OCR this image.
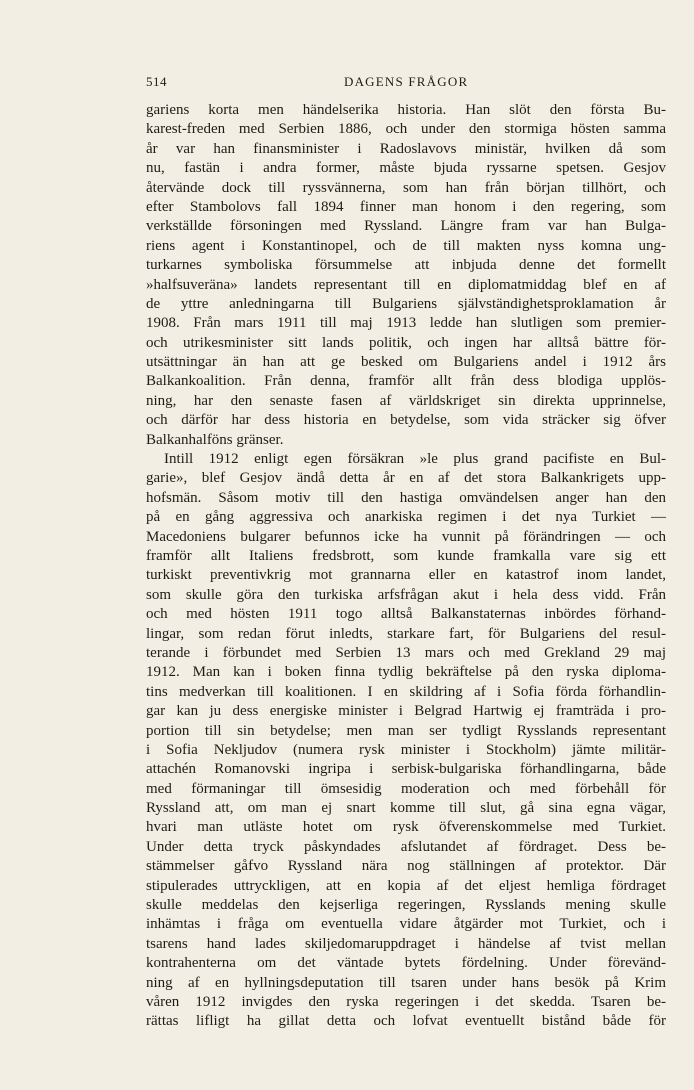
514	DAGENS FRÅGOR
gariens korta men händelserika historia. Han slöt den första Bu-
karest-freden med Serbien 1886, och under den stormiga hösten samma
år var han finansminister i Radoslavovs ministär, hvilken då som
nu, fastän i andra former, måste bjuda ryssarne spetsen. Gesjov
återvände dock till ryssvännerna, som han från början tillhört, och
efter Stambolovs fall 1894 finner man honom i den regering, som
verkställde försoningen med Ryssland. Längre fram var han Bulga-
riens agent i Konstantinopel, och de till makten nyss komna ung-
turkarnes symboliska försummelse att inbjuda denne det formellt
»halfsuveräna» landets representant till en diplomatmiddag blef en af
de yttre anledningarna till Bulgariens självständighetsproklamation år
1908. Från mars 1911 till maj 1913 ledde han slutligen som premier-
och utrikesminister sitt lands politik, och ingen har alltså bättre för-
utsättningar än han att ge besked om Bulgariens andel i 1912 års
Balkankoalition. Från denna, framför allt från dess blodiga upplös-
ning, har den senaste fasen af världskriget sin direkta upprinnelse,
och därför har dess historia en betydelse, som vida sträcker sig öfver
Balkanhalföns gränser.
Intill 1912 enligt egen försäkran »le plus grand pacifiste en Bul-
garie», blef Gesjov ändå detta år en af det stora Balkankrigets upp-
hofsmän. Såsom motiv till den hastiga omvändelsen anger han den
på en gång aggressiva och anarkiska regimen i det nya Turkiet —
Macedoniens bulgarer befunnos icke ha vunnit på förändringen — och
framför allt Italiens fredsbrott, som kunde framkalla vare sig ett
turkiskt preventivkrig mot grannarna eller en katastrof inom landet,
som skulle göra den turkiska arfsfrågan akut i hela dess vidd. Från
och med hösten 1911 togo alltså Balkanstaternas inbördes förhand-
lingar, som redan förut inledts, starkare fart, för Bulgariens del resul-
terande i förbundet med Serbien 13 mars och med Grekland 29 maj
1912. Man kan i boken finna tydlig bekräftelse på den ryska diploma-
tins medverkan till koalitionen. I en skildring af i Sofia förda förhandlin-
gar kan ju dess energiske minister i Belgrad Hartwig ej framträda i pro-
portion till sin betydelse; men man ser tydligt Rysslands representant
i Sofia Nekljudov (numera rysk minister i Stockholm) jämte militär-
attachén Romanovski ingripa i serbisk-bulgariska förhandlingarna, både
med förmaningar till ömsesidig moderation och med förbehåll för
Ryssland att, om man ej snart komme till slut, gå sina egna vägar,
hvari man utläste hotet om rysk öfverenskommelse med Turkiet.
Under detta tryck påskyndades afslutandet af fördraget. Dess be-
stämmelser gåfvo Ryssland nära nog ställningen af protektor. Där
stipulerades uttryckligen, att en kopia af det eljest hemliga fördraget
skulle meddelas den kejserliga regeringen, Rysslands mening skulle
inhämtas i fråga om eventuella vidare åtgärder mot Turkiet, och i
tsarens hand lades skiljedomaruppdraget i händelse af tvist mellan
kontrahenterna om det väntade bytets fördelning. Under förevänd-
ning af en hyllningsdeputation till tsaren under hans besök på Krim
våren 1912 invigdes den ryska regeringen i det skedda. Tsaren be-
rättas lifligt ha gillat detta och lofvat eventuellt bistånd både för
